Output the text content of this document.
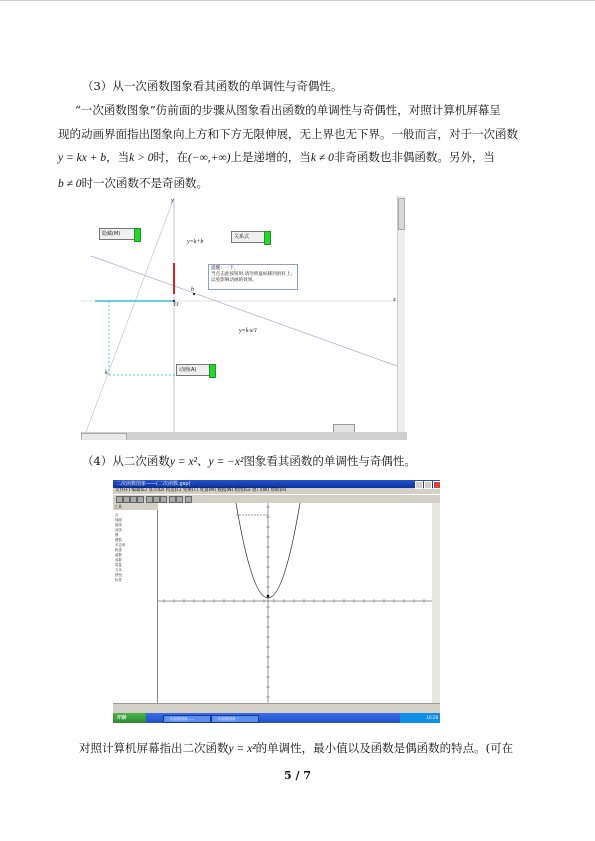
（3）从一次函数图象看其函数的单调性与奇偶性。
“一次函数图象”仿前面的步骤从图象看出函数的单调性与奇偶性，对照计算机屏幕呈
现的动画界面指出图象向上方和下方无限伸展，无上界也无下界。一般而言，对于一次函数
y = kx + b，当k > 0时，在(−∞,+∞)上是递增的，当k ≠ 0非奇函数也非偶函数。另外，当
b ≠ 0时一次函数不是奇函数。
隐藏(M)	关系式
动画(A)
y=k+b
提醒：一下。
当点击此按钮时,请勿将鼠标移到滑杆上,
以免影响动画的效果。
O
b
k
y=k·x/1
x
y
（4）从二次函数y = x²、y = −x²图象看其函数的单调性与奇偶性。
二次函数图象——(二次函数.gsp)
文件(F) 编辑(E) 显示(D) 构造(C) 变换(T) 度量(M) 数据(N) 绘图(G) 窗口(W) 帮助(H)
工具
点
线段
射线
直线
圆
圆弧
多边形
轨迹
函数
参数
度量
文本
按钮
标签
开始	二次函数图象——	二次函数图象一	10:28
对照计算机屏幕指出二次函数y = x²的单调性，最小值以及函数是偶函数的特点。(可在
5 / 7
